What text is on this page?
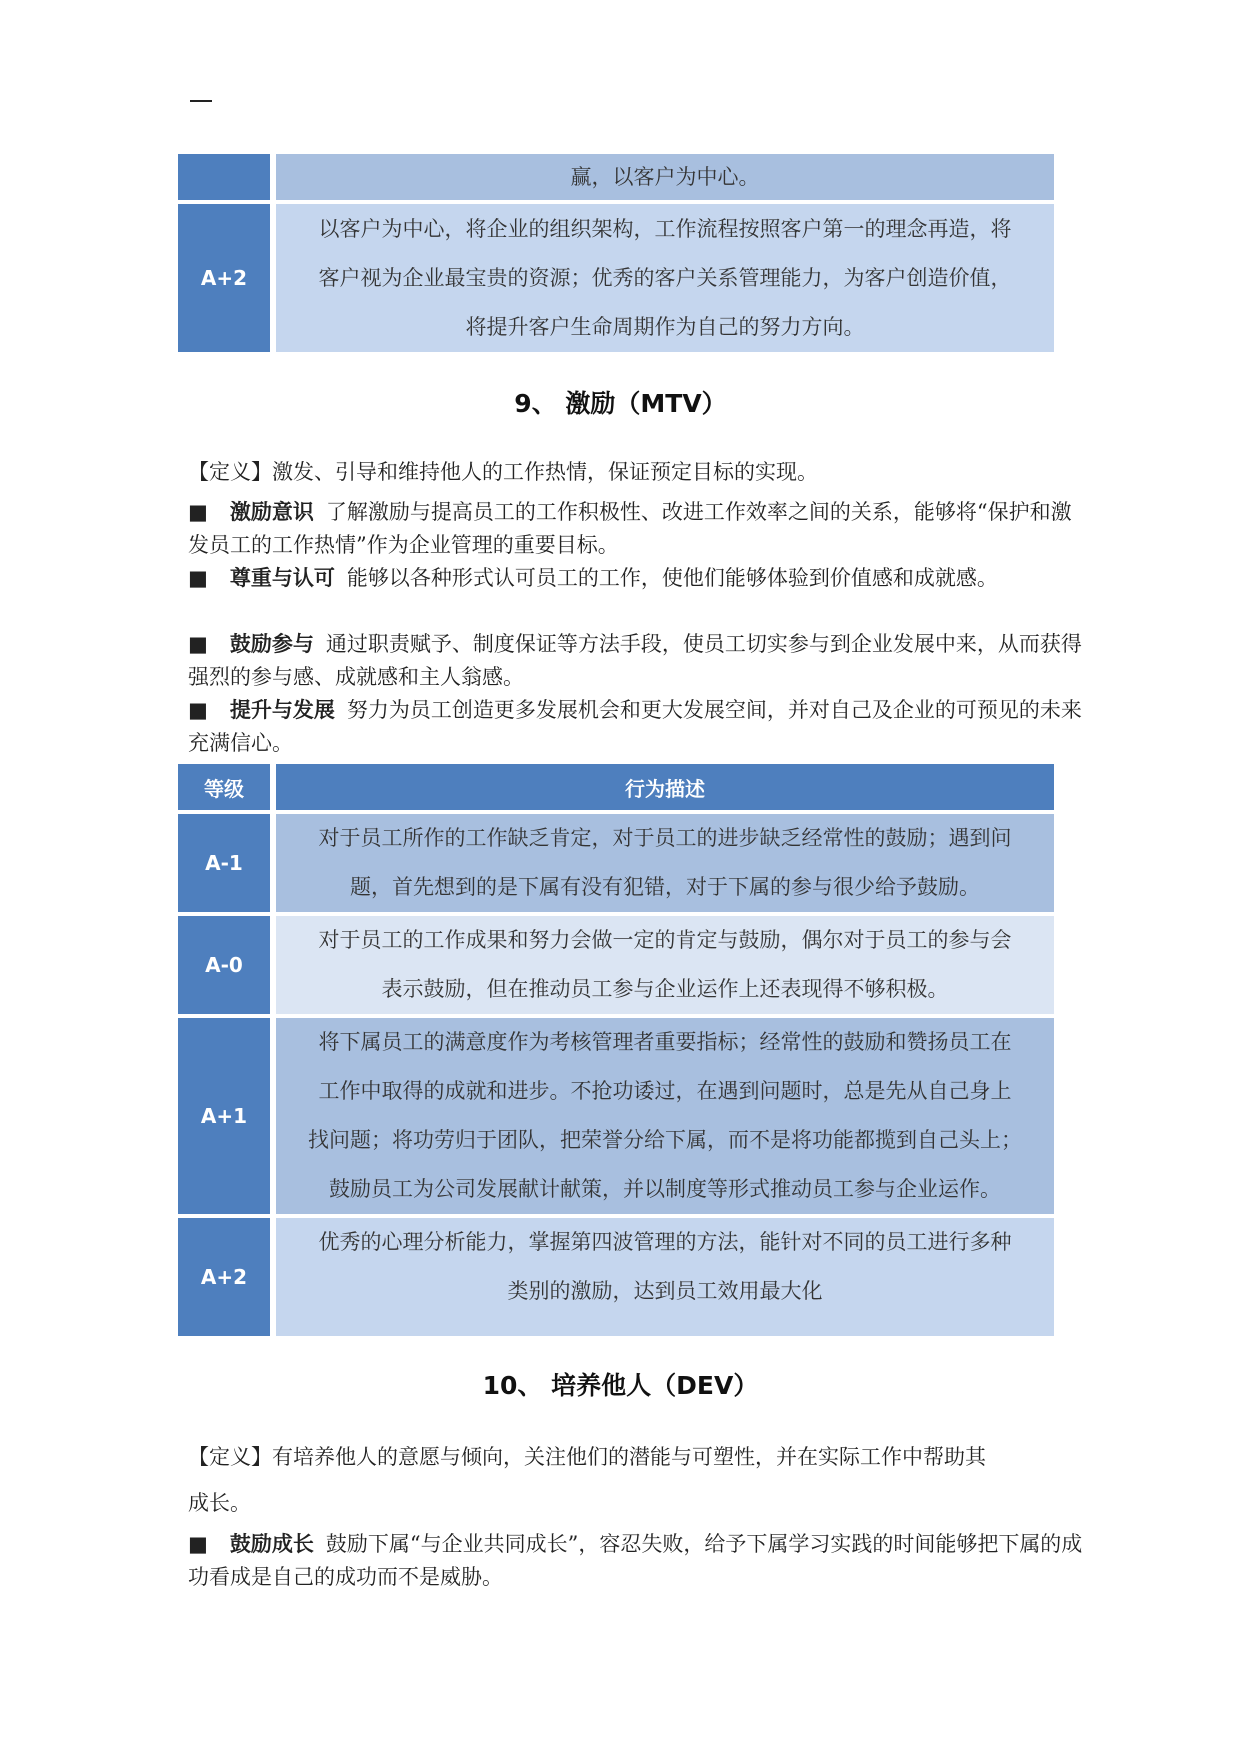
	赢，以客户为中心。

A+2	以客户为中心，将企业的组织架构，工作流程按照客户第一的理念再造，将
客户视为企业最宝贵的资源；优秀的客户关系管理能力，为客户创造价值，
将提升客户生命周期作为自己的努力方向。
9、 激励（MTV）
【定义】激发、引导和维持他人的工作热情，保证预定目标的实现。
■ 激励意识 了解激励与提高员工的工作积极性、改进工作效率之间的关系，能够将“保护和激发员工的工作热情”作为企业管理的重要目标。
■ 尊重与认可 能够以各种形式认可员工的工作，使他们能够体验到价值感和成就感。
■ 鼓励参与 通过职责赋予、制度保证等方法手段，使员工切实参与到企业发展中来，从而获得强烈的参与感、成就感和主人翁感。
■ 提升与发展 努力为员工创造更多发展机会和更大发展空间，并对自己及企业的可预见的未来充满信心。
等级	行为描述
A-1	对于员工所作的工作缺乏肯定，对于员工的进步缺乏经常性的鼓励；遇到问
题，首先想到的是下属有没有犯错，对于下属的参与很少给予鼓励。

A-0	对于员工的工作成果和努力会做一定的肯定与鼓励，偶尔对于员工的参与会
表示鼓励，但在推动员工参与企业运作上还表现得不够积极。

A+1	将下属员工的满意度作为考核管理者重要指标；经常性的鼓励和赞扬员工在
工作中取得的成就和进步。不抢功诿过，在遇到问题时，总是先从自己身上
找问题；将功劳归于团队，把荣誉分给下属，而不是将功能都揽到自己头上；
鼓励员工为公司发展献计献策，并以制度等形式推动员工参与企业运作。

A+2	优秀的心理分析能力，掌握第四波管理的方法，能针对不同的员工进行多种
类别的激励，达到员工效用最大化
10、 培养他人（DEV）
【定义】有培养他人的意愿与倾向，关注他们的潜能与可塑性，并在实际工作中帮助其
成长。
■ 鼓励成长 鼓励下属“与企业共同成长”，容忍失败，给予下属学习实践的时间能够把下属的成功看成是自己的成功而不是威胁。
